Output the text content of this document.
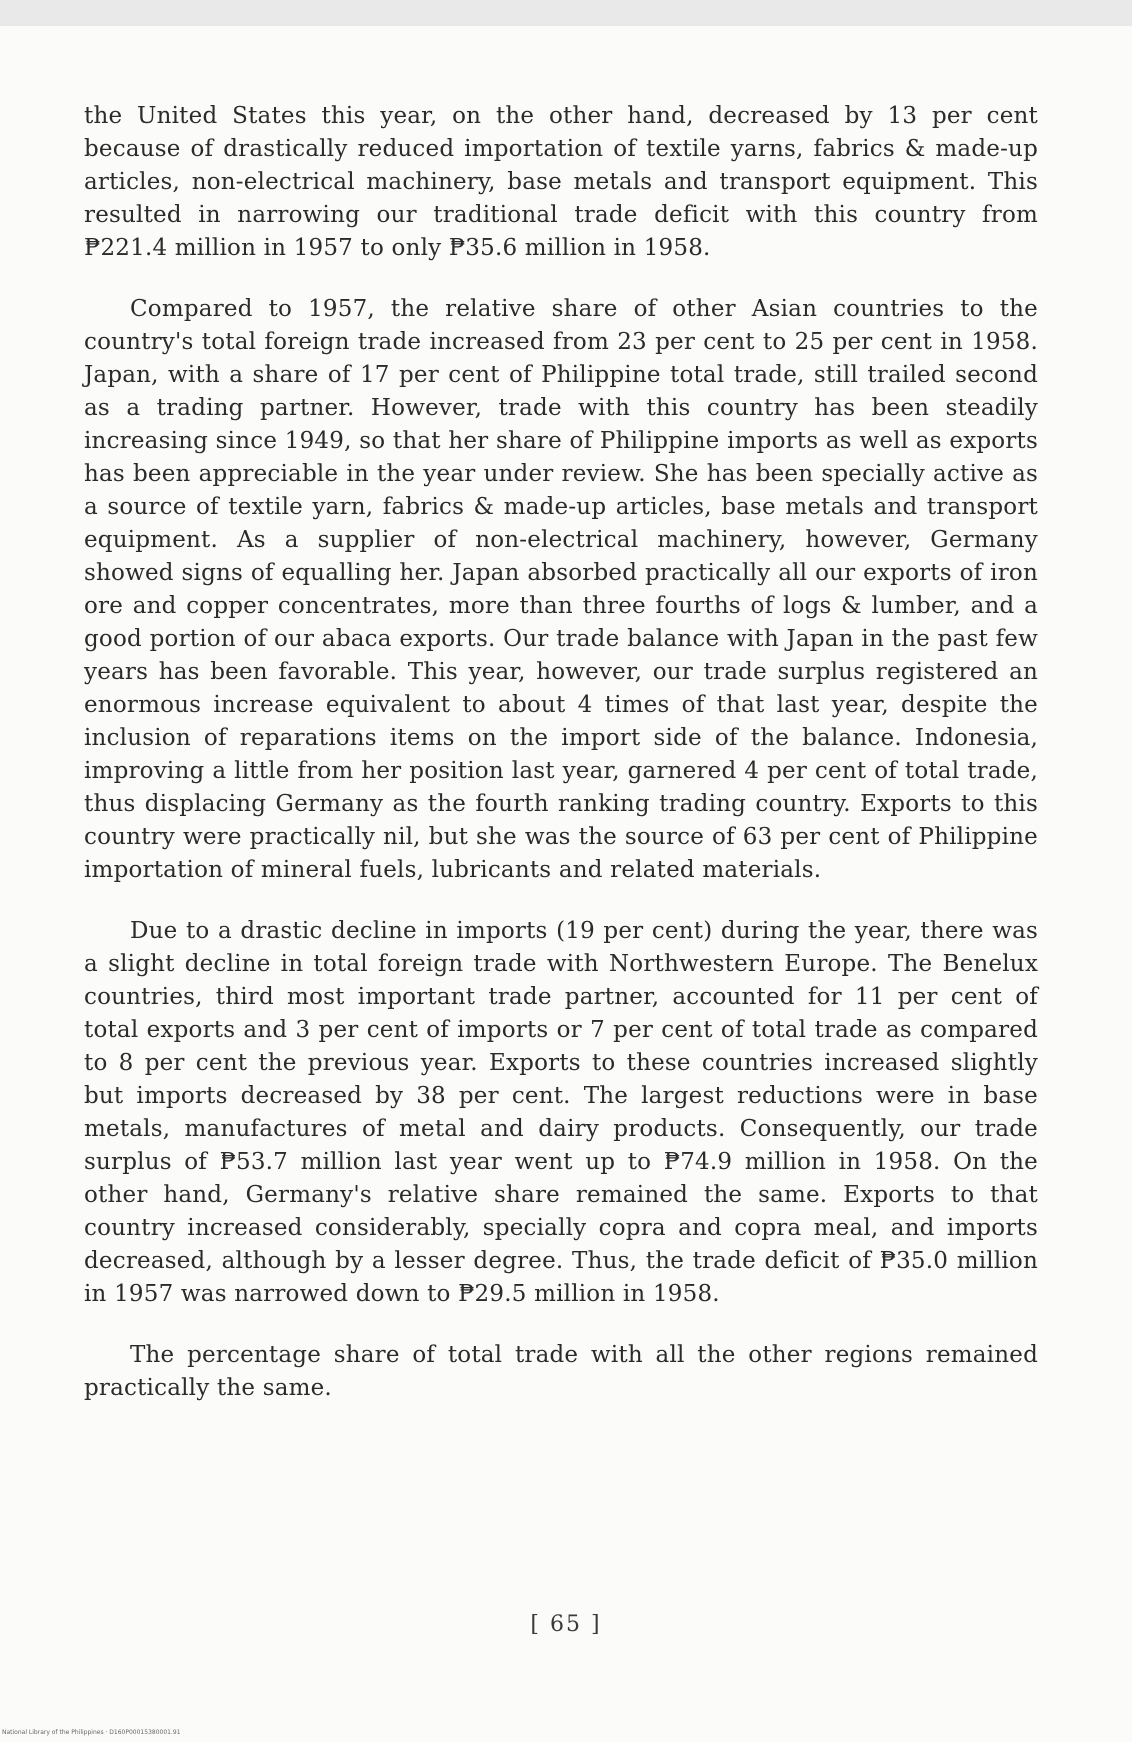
the United States this year, on the other hand, decreased by 13 per cent because of drastically reduced importation of textile yarns, fabrics & made-up articles, non-electrical machinery, base metals and transport equipment. This resulted in narrowing our traditional trade deficit with this country from ₱221.4 million in 1957 to only ₱35.6 million in 1958.

Compared to 1957, the relative share of other Asian countries to the country's total foreign trade increased from 23 per cent to 25 per cent in 1958. Japan, with a share of 17 per cent of Philippine total trade, still trailed second as a trading partner. However, trade with this country has been steadily increasing since 1949, so that her share of Philippine imports as well as exports has been appreciable in the year under review. She has been specially active as a source of textile yarn, fabrics & made-up articles, base metals and transport equipment. As a supplier of non-electrical machinery, however, Germany showed signs of equalling her. Japan absorbed practically all our exports of iron ore and copper concentrates, more than three fourths of logs & lumber, and a good portion of our abaca exports. Our trade balance with Japan in the past few years has been favorable. This year, however, our trade surplus registered an enormous increase equivalent to about 4 times of that last year, despite the inclusion of reparations items on the import side of the balance. Indonesia, improving a little from her position last year, garnered 4 per cent of total trade, thus displacing Germany as the fourth ranking trading country. Exports to this country were practically nil, but she was the source of 63 per cent of Philippine importation of mineral fuels, lubricants and related materials.

Due to a drastic decline in imports (19 per cent) during the year, there was a slight decline in total foreign trade with Northwestern Europe. The Benelux countries, third most important trade partner, accounted for 11 per cent of total exports and 3 per cent of imports or 7 per cent of total trade as compared to 8 per cent the previous year. Exports to these countries increased slightly but imports decreased by 38 per cent. The largest reductions were in base metals, manufactures of metal and dairy products. Consequently, our trade surplus of ₱53.7 million last year went up to ₱74.9 million in 1958. On the other hand, Germany's relative share remained the same. Exports to that country increased considerably, specially copra and copra meal, and imports decreased, although by a lesser degree. Thus, the trade deficit of ₱35.0 million in 1957 was narrowed down to ₱29.5 million in 1958.

The percentage share of total trade with all the other regions remained practically the same.

[ 65 ]
National Library of the Philippines · D160P00015380001.91
